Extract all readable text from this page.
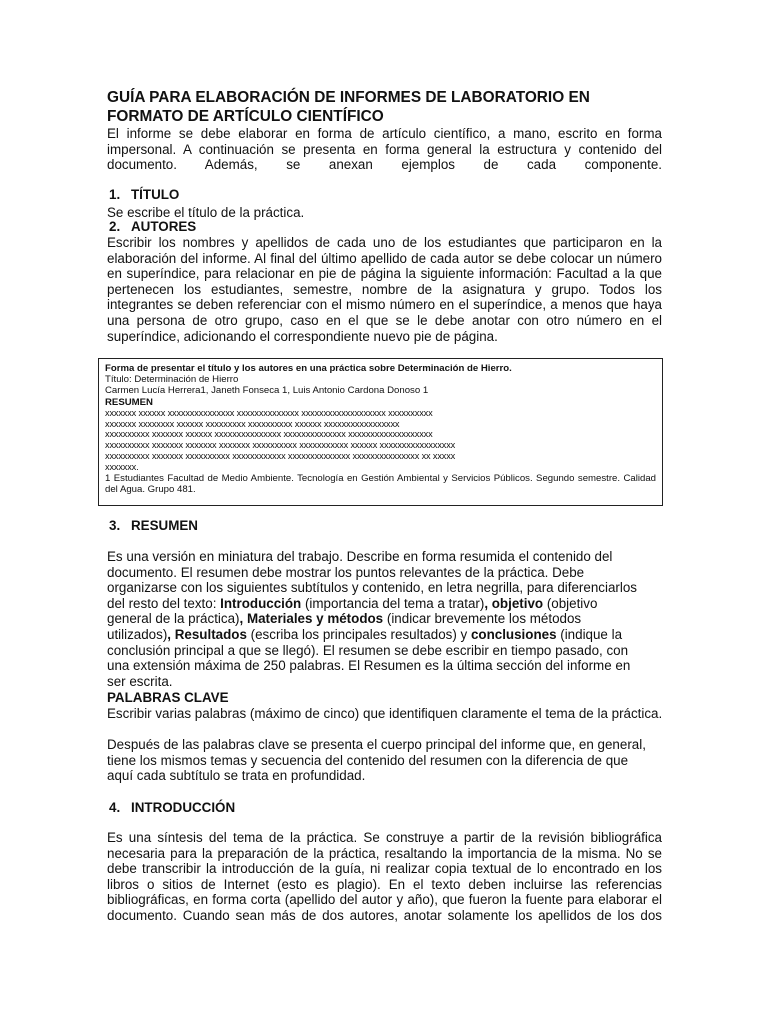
GUÍA PARA ELABORACIÓN DE INFORMES DE LABORATORIO EN FORMATO DE ARTÍCULO CIENTÍFICO

El informe se debe elaborar en forma de artículo científico, a mano, escrito en forma impersonal. A continuación se presenta en forma general la estructura y contenido del documento. Además, se anexan ejemplos de cada componente.

1. TÍTULO

Se escribe el título de la práctica.

2. AUTORES

Escribir los nombres y apellidos de cada uno de los estudiantes que participaron en la elaboración del informe. Al final del último apellido de cada autor se debe colocar un número en superíndice, para relacionar en pie de página la siguiente información: Facultad a la que pertenecen los estudiantes, semestre, nombre de la asignatura y grupo. Todos los integrantes se deben referenciar con el mismo número en el superíndice, a menos que haya una persona de otro grupo, caso en el que se le debe anotar con otro número en el superíndice, adicionando el correspondiente nuevo pie de página.

Forma de presentar el título y los autores en una práctica sobre Determinación de Hierro.
Título: Determinación de Hierro
Carmen Lucía Herrera1, Janeth Fonseca 1, Luis Antonio Cardona Donoso 1
RESUMEN
xxxxxxx xxxxxx xxxxxxxxxxxxxxx xxxxxxxxxxxxxx xxxxxxxxxxxxxxxxxxx xxxxxxxxxx
xxxxxxx xxxxxxxx xxxxxx xxxxxxxxx xxxxxxxxxx xxxxxx xxxxxxxxxxxxxxxxx
xxxxxxxxxx xxxxxxx xxxxxx xxxxxxxxxxxxxxx xxxxxxxxxxxxxx xxxxxxxxxxxxxxxxxxx
xxxxxxxxxx xxxxxxx xxxxxxx xxxxxxx xxxxxxxxxx xxxxxxxxxxx xxxxxx xxxxxxxxxxxxxxxxx
xxxxxxxxxx xxxxxxx xxxxxxxxxx xxxxxxxxxxxx xxxxxxxxxxxxxx xxxxxxxxxxxxxxx xx xxxxx
xxxxxxx.
1 Estudiantes Facultad de Medio Ambiente. Tecnología en Gestión Ambiental y Servicios Públicos. Segundo semestre. Calidad del Agua. Grupo 481.
3. RESUMEN

Es una versión en miniatura del trabajo. Describe en forma resumida el contenido del documento. El resumen debe mostrar los puntos relevantes de la práctica. Debe organizarse con los siguientes subtítulos y contenido, en letra negrilla, para diferenciarlos del resto del texto: Introducción (importancia del tema a tratar), objetivo (objetivo general de la práctica), Materiales y métodos (indicar brevemente los métodos utilizados), Resultados (escriba los principales resultados) y conclusiones (indique la conclusión principal a que se llegó). El resumen se debe escribir en tiempo pasado, con una extensión máxima de 250 palabras. El Resumen es la última sección del informe en ser escrita.

PALABRAS CLAVE

Escribir varias palabras (máximo de cinco) que identifiquen claramente el tema de la práctica.

Después de las palabras clave se presenta el cuerpo principal del informe que, en general, tiene los mismos temas y secuencia del contenido del resumen con la diferencia de que aquí cada subtítulo se trata en profundidad.

4. INTRODUCCIÓN

Es una síntesis del tema de la práctica. Se construye a partir de la revisión bibliográfica necesaria para la preparación de la práctica, resaltando la importancia de la misma. No se debe transcribir la introducción de la guía, ni realizar copia textual de lo encontrado en los libros o sitios de Internet (esto es plagio). En el texto deben incluirse las referencias bibliográficas, en forma corta (apellido del autor y año), que fueron la fuente para elaborar el documento. Cuando sean más de dos autores, anotar solamente los apellidos de los dos
